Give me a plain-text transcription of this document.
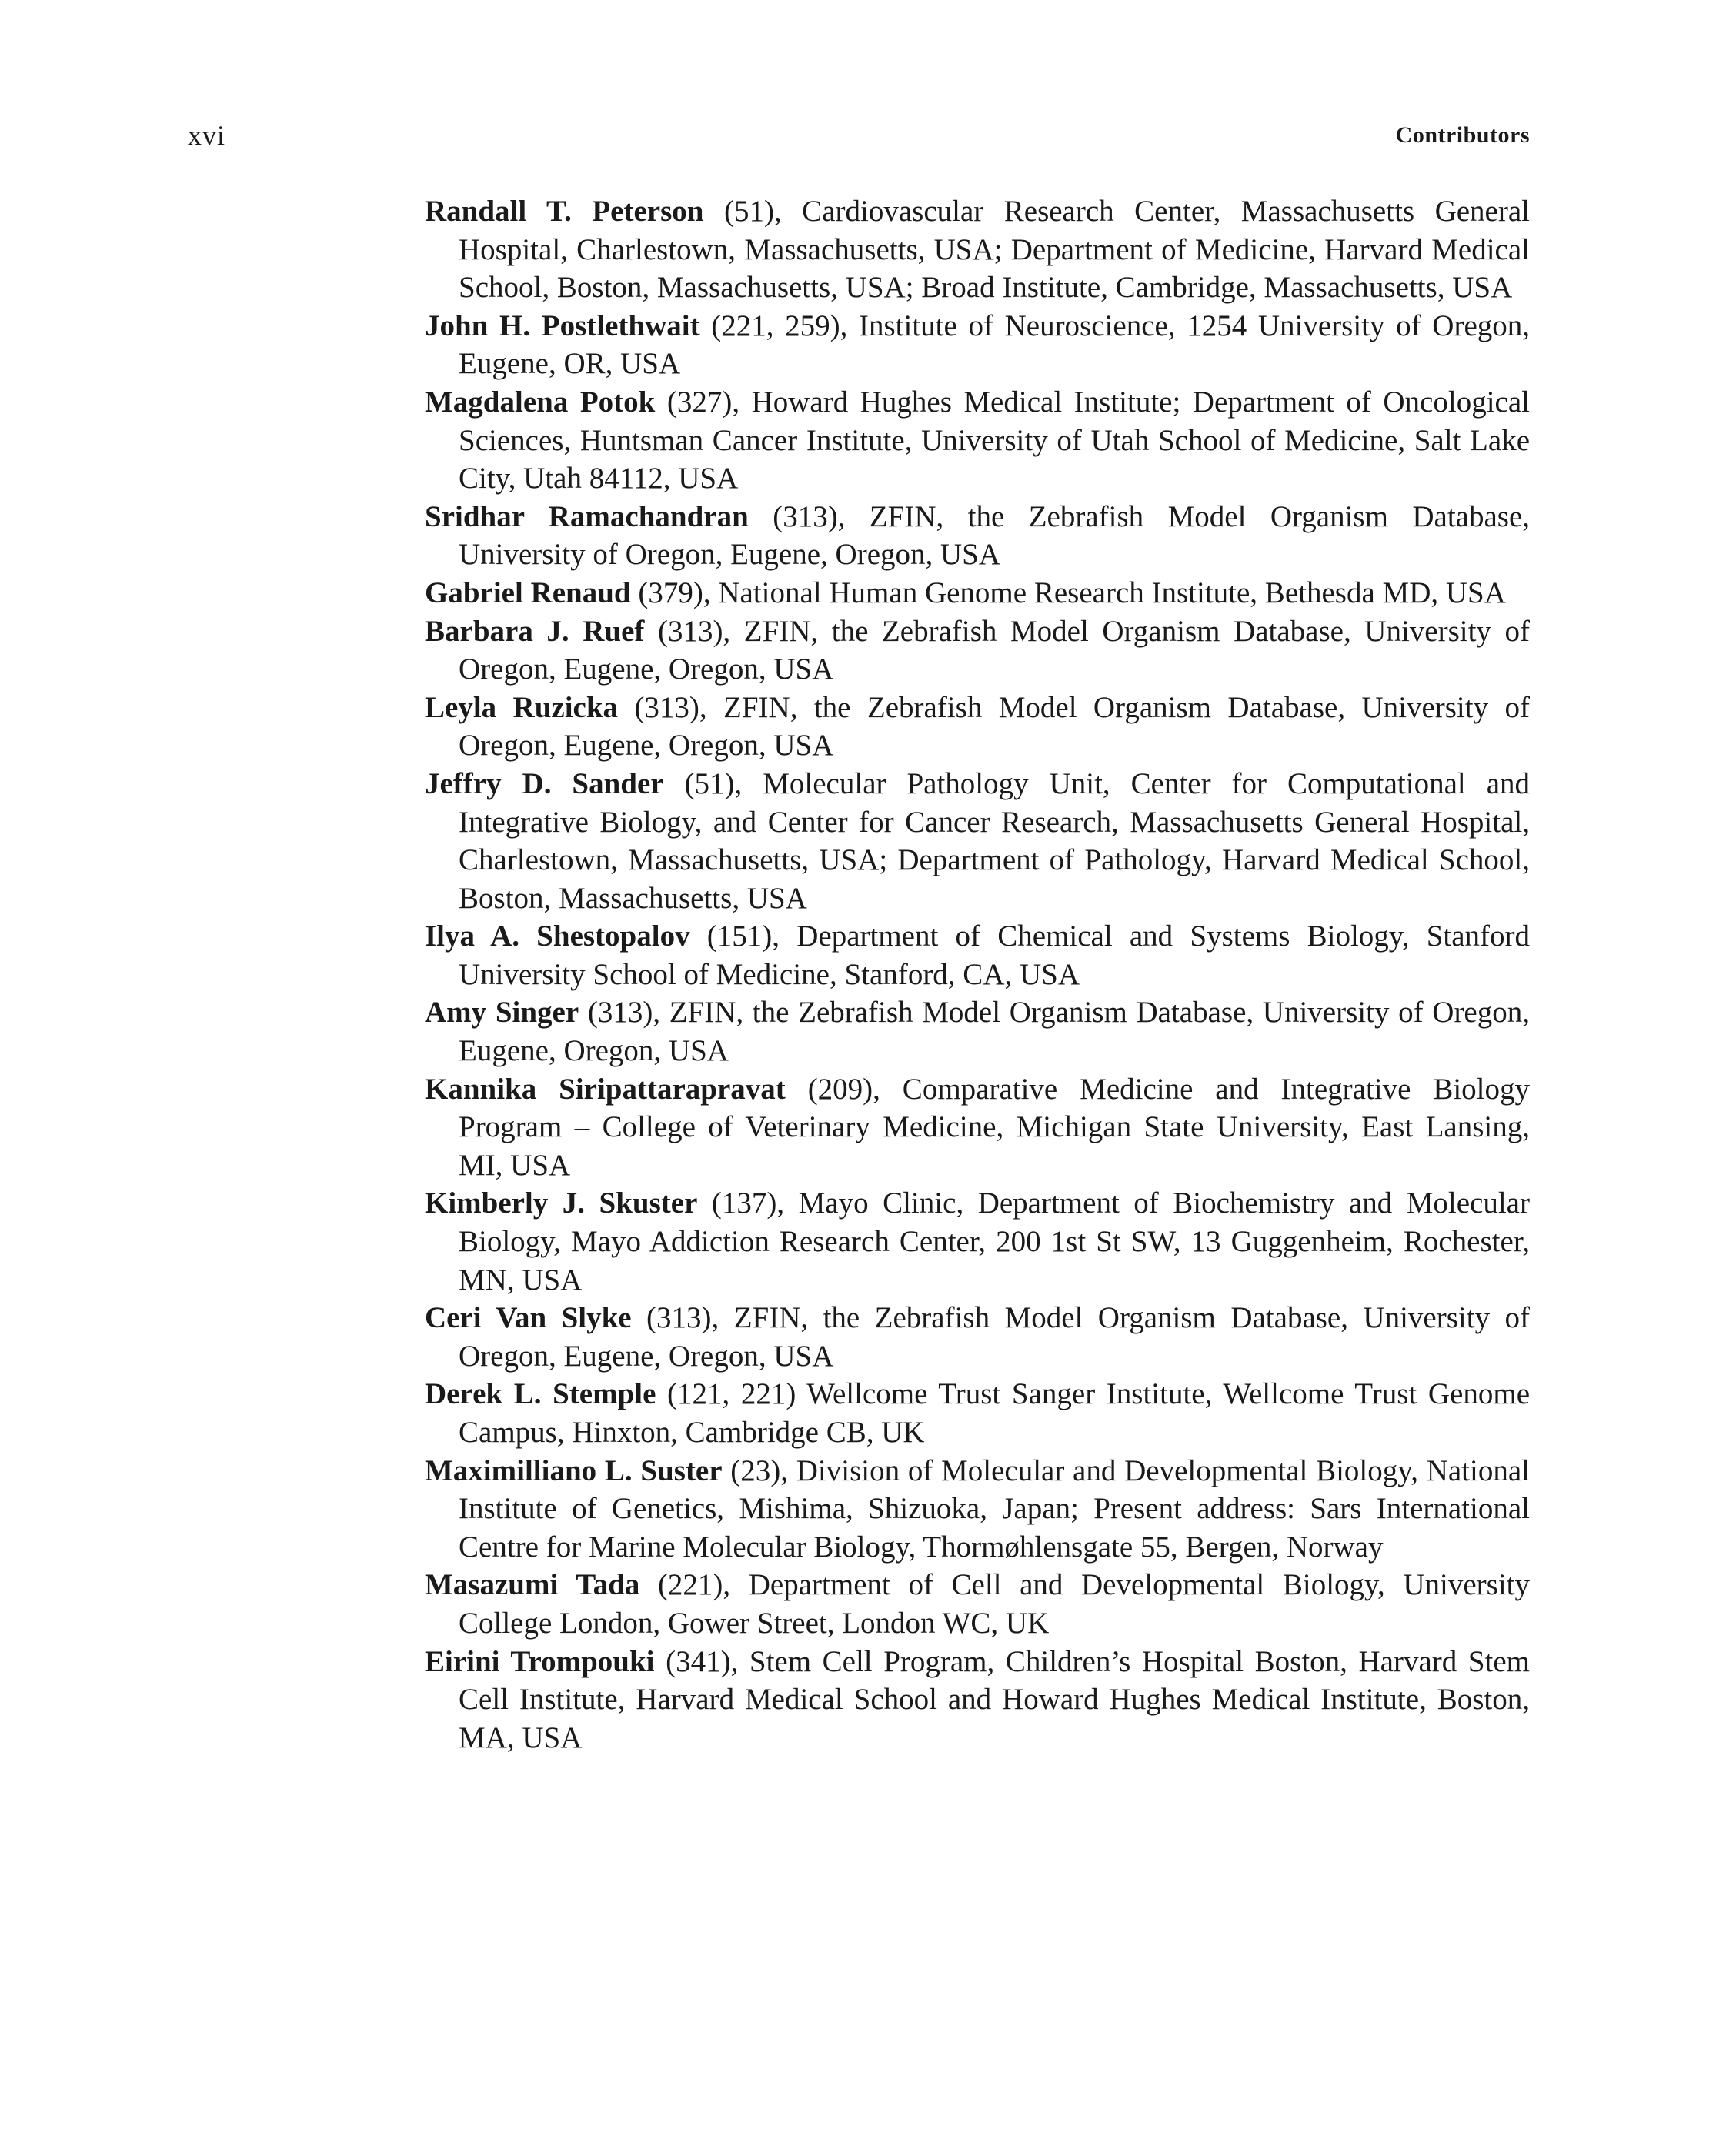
xvi	Contributors
Randall T. Peterson (51), Cardiovascular Research Center, Massachusetts General Hospital, Charlestown, Massachusetts, USA; Department of Medicine, Harvard Medical School, Boston, Massachusetts, USA; Broad Institute, Cambridge, Massachusetts, USA
John H. Postlethwait (221, 259), Institute of Neuroscience, 1254 University of Oregon, Eugene, OR, USA
Magdalena Potok (327), Howard Hughes Medical Institute; Department of Oncological Sciences, Huntsman Cancer Institute, University of Utah School of Medicine, Salt Lake City, Utah 84112, USA
Sridhar Ramachandran (313), ZFIN, the Zebrafish Model Organism Database, University of Oregon, Eugene, Oregon, USA
Gabriel Renaud (379), National Human Genome Research Institute, Bethesda MD, USA
Barbara J. Ruef (313), ZFIN, the Zebrafish Model Organism Database, University of Oregon, Eugene, Oregon, USA
Leyla Ruzicka (313), ZFIN, the Zebrafish Model Organism Database, University of Oregon, Eugene, Oregon, USA
Jeffry D. Sander (51), Molecular Pathology Unit, Center for Computational and Integrative Biology, and Center for Cancer Research, Massachusetts General Hospital, Charlestown, Massachusetts, USA; Department of Pathology, Harvard Medical School, Boston, Massachusetts, USA
Ilya A. Shestopalov (151), Department of Chemical and Systems Biology, Stanford University School of Medicine, Stanford, CA, USA
Amy Singer (313), ZFIN, the Zebrafish Model Organism Database, University of Oregon, Eugene, Oregon, USA
Kannika Siripattarapravat (209), Comparative Medicine and Integrative Biology Program – College of Veterinary Medicine, Michigan State University, East Lansing, MI, USA
Kimberly J. Skuster (137), Mayo Clinic, Department of Biochemistry and Molecular Biology, Mayo Addiction Research Center, 200 1st St SW, 13 Guggenheim, Rochester, MN, USA
Ceri Van Slyke (313), ZFIN, the Zebrafish Model Organism Database, University of Oregon, Eugene, Oregon, USA
Derek L. Stemple (121, 221) Wellcome Trust Sanger Institute, Wellcome Trust Genome Campus, Hinxton, Cambridge CB, UK
Maximilliano L. Suster (23), Division of Molecular and Developmental Biology, National Institute of Genetics, Mishima, Shizuoka, Japan; Present address: Sars International Centre for Marine Molecular Biology, Thormøhlensgate 55, Bergen, Norway
Masazumi Tada (221), Department of Cell and Developmental Biology, University College London, Gower Street, London WC, UK
Eirini Trompouki (341), Stem Cell Program, Children’s Hospital Boston, Harvard Stem Cell Institute, Harvard Medical School and Howard Hughes Medical Institute, Boston, MA, USA
